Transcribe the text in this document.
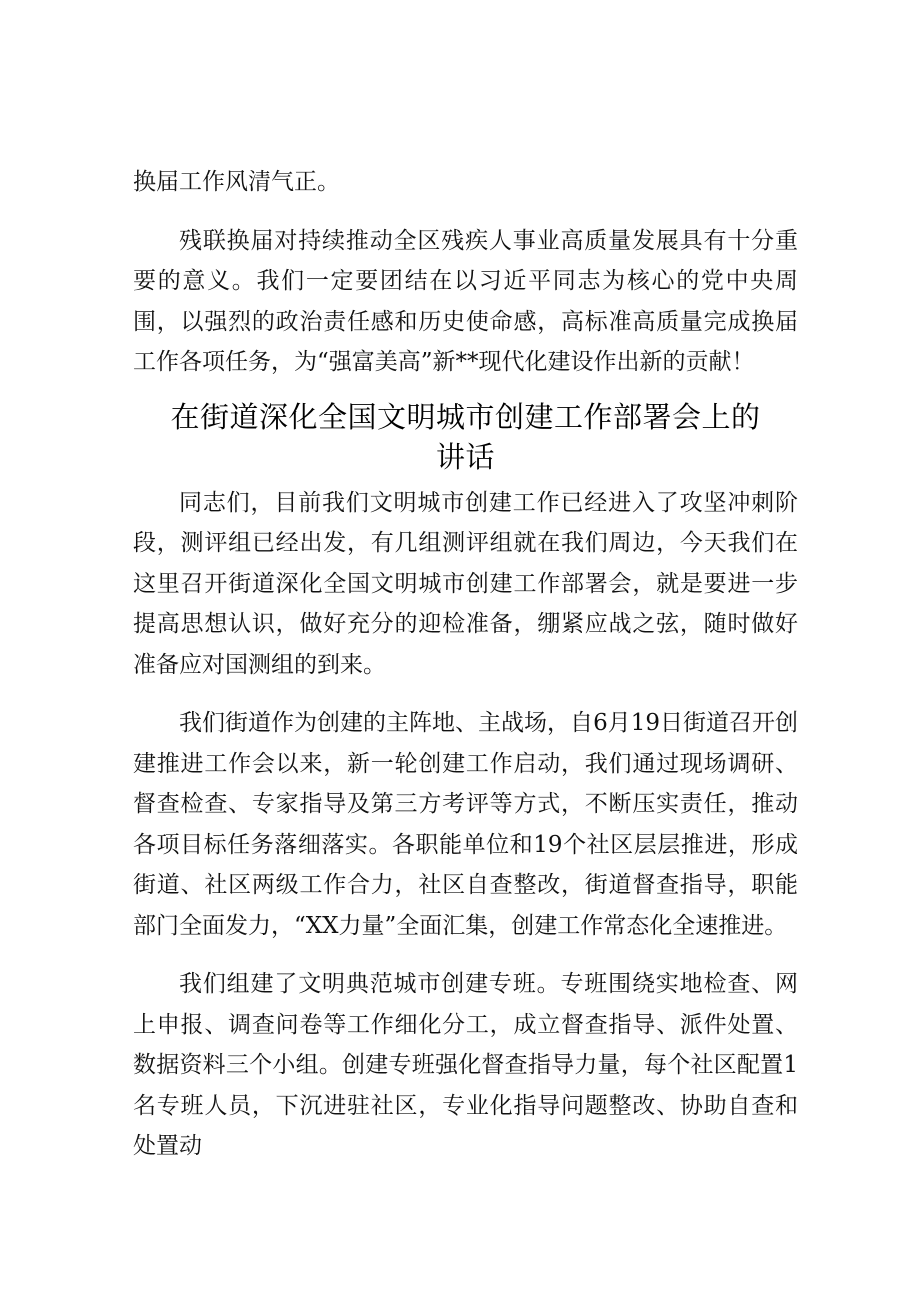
换届工作风清气正。

残联换届对持续推动全区残疾人事业高质量发展具有十分重要的意义。我们一定要团结在以习近平同志为核心的党中央周围，以强烈的政治责任感和历史使命感，高标准高质量完成换届工作各项任务，为“强富美高”新**现代化建设作出新的贡献！

在街道深化全国文明城市创建工作部署会上的
讲话

同志们，目前我们文明城市创建工作已经进入了攻坚冲刺阶段，测评组已经出发，有几组测评组就在我们周边，今天我们在这里召开街道深化全国文明城市创建工作部署会，就是要进一步提高思想认识，做好充分的迎检准备，绷紧应战之弦，随时做好准备应对国测组的到来。

我们街道作为创建的主阵地、主战场，自6月19日街道召开创建推进工作会以来，新一轮创建工作启动，我们通过现场调研、督查检查、专家指导及第三方考评等方式，不断压实责任，推动各项目标任务落细落实。各职能单位和19个社区层层推进，形成街道、社区两级工作合力，社区自查整改，街道督查指导，职能部门全面发力，“XX力量”全面汇集，创建工作常态化全速推进。

我们组建了文明典范城市创建专班。专班围绕实地检查、网上申报、调查问卷等工作细化分工，成立督查指导、派件处置、数据资料三个小组。创建专班强化督查指导力量，每个社区配置1名专班人员，下沉进驻社区，专业化指导问题整改、协助自查和处置动
